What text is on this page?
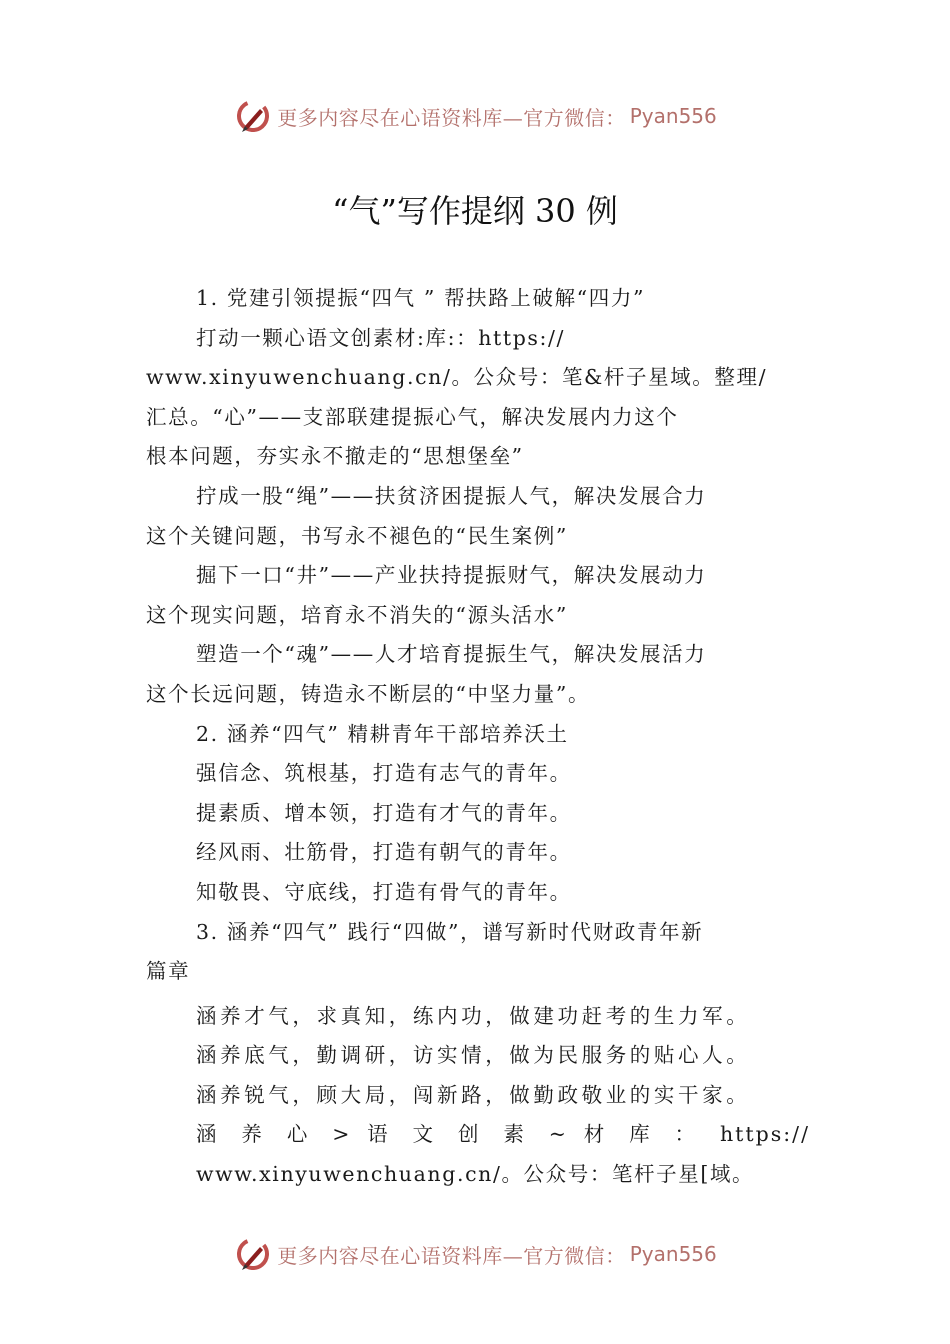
更多内容尽在心语资料库—官方微信： Pyan556
“气”写作提纲 30 例

1. 党建引领提振“四气 ” 帮扶路上破解“四力”

打动一颗心语文创素材:库:：https://

www.xinyuwenchuang.cn/。公众号：笔&杆子星域。整理/

汇总。“心”——支部联建提振心气，解决发展内力这个

根本问题，夯实永不撤走的“思想堡垒”

拧成一股“绳”——扶贫济困提振人气，解决发展合力

这个关键问题，书写永不褪色的“民生案例”

掘下一口“井”——产业扶持提振财气，解决发展动力

这个现实问题，培育永不消失的“源头活水”

塑造一个“魂”——人才培育提振生气，解决发展活力

这个长远问题，铸造永不断层的“中坚力量”。

2. 涵养“四气” 精耕青年干部培养沃土

强信念、筑根基，打造有志气的青年。

提素质、增本领，打造有才气的青年。

经风雨、壮筋骨，打造有朝气的青年。

知敬畏、守底线，打造有骨气的青年。

3. 涵养“四气” 践行“四做”，谱写新时代财政青年新

篇章

涵养才气，求真知，练内功，做建功赶考的生力军。

涵养底气，勤调研，访实情，做为民服务的贴心人。

涵养锐气，顾大局，闯新路，做勤政敬业的实干家。

涵 养 心 > 语 文 创 素 ~ 材 库 ： https://

www.xinyuwenchuang.cn/。公众号：笔杆子星[域。

更多内容尽在心语资料库—官方微信： Pyan556
